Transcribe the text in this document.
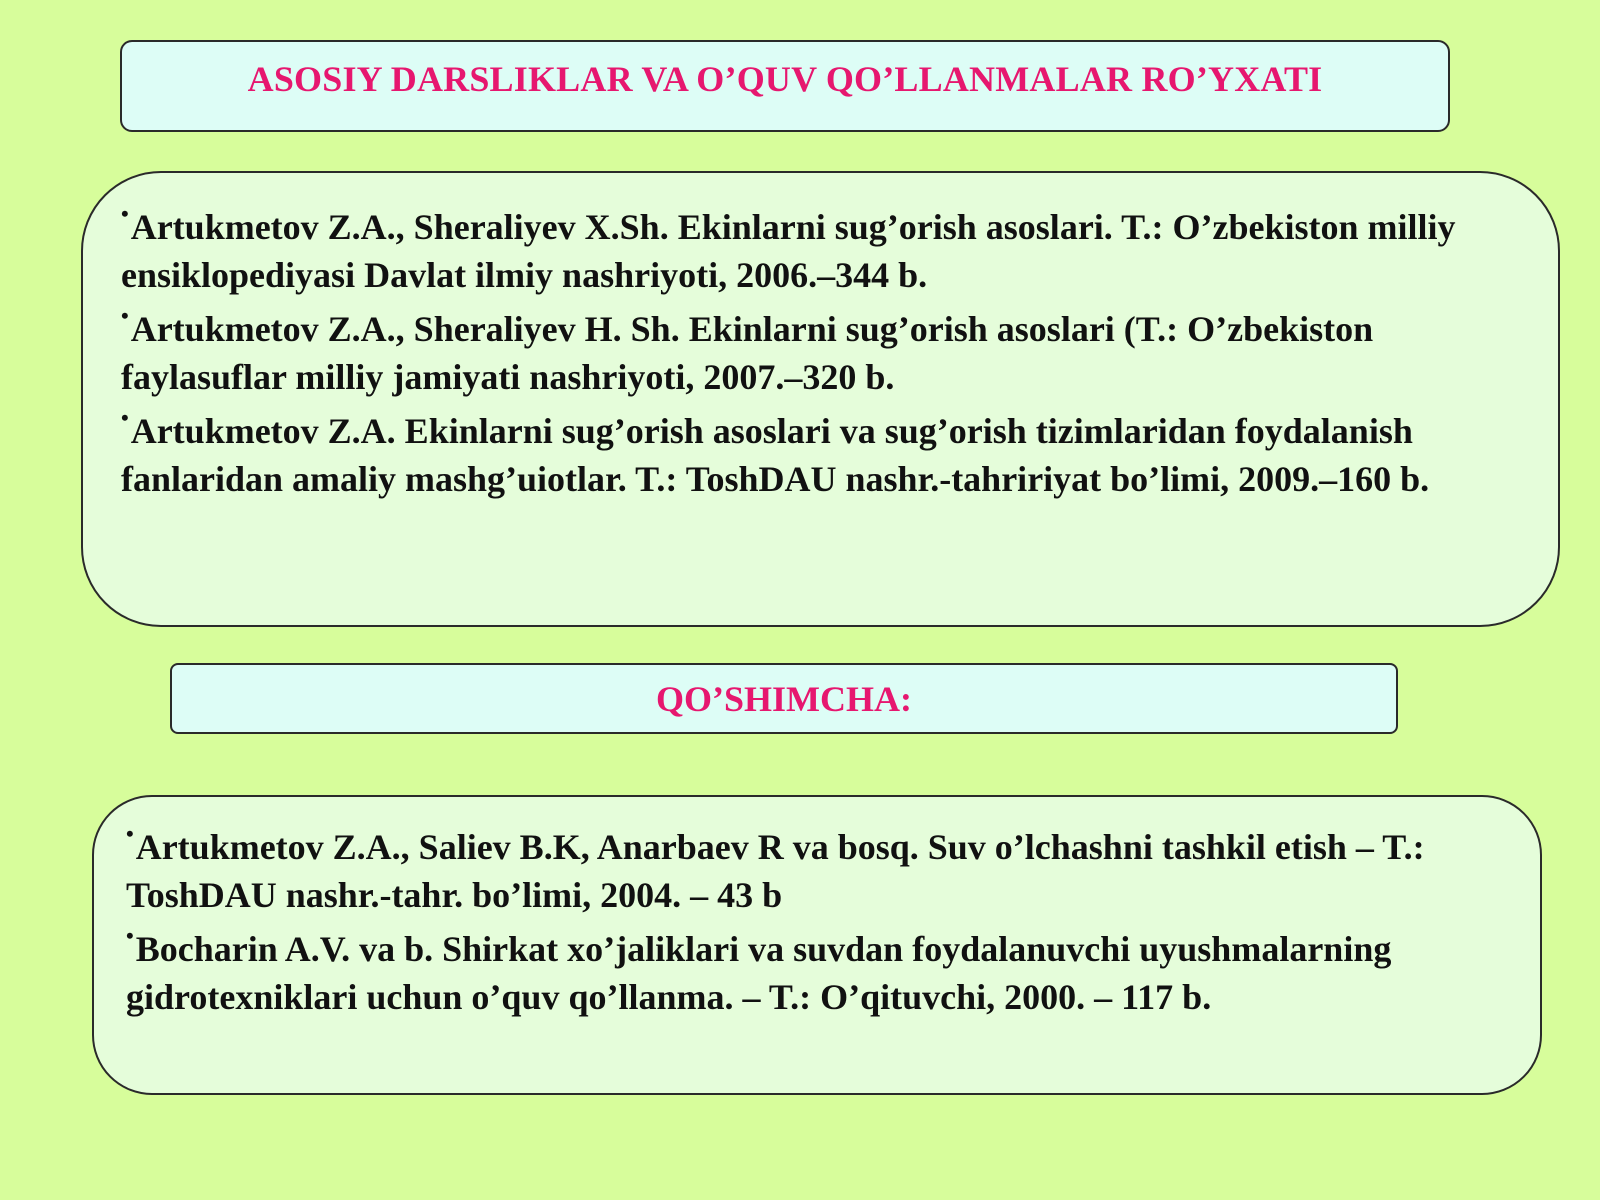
ASOSIY DARSLIKLAR VA O’QUV QO’LLANMALAR RO’YXATI
•Artukmetov Z.A., Sheraliyev X.Sh. Ekinlarni sug’orish asoslari. T.: O’zbekiston milliy ensiklopediyasi Davlat ilmiy nashriyoti, 2006.–344 b.
•Artukmetov Z.A., Sheraliyev H. Sh. Ekinlarni sug’orish asoslari (T.: O’zbekiston faylasuflar milliy jamiyati nashriyoti, 2007.–320 b.
•Artukmetov Z.A. Ekinlarni sug’orish asoslari va sug’orish tizimlaridan foydalanish fanlaridan amaliy mashg’uiotlar. T.: ToshDAU nashr.-tahririyat bo’limi, 2009.–160 b.
QO’SHIMCHA:
•Artukmetov Z.A., Saliev B.K, Anarbaev R va bosq. Suv o’lchashni tashkil etish – T.: ToshDAU nashr.-tahr. bo’limi, 2004. – 43 b
•Bocharin A.V. va b. Shirkat xo’jaliklari va suvdan foydalanuvchi uyushmalarning gidrotexniklari uchun o’quv qo’llanma. – T.: O’qituvchi, 2000. – 117 b.
